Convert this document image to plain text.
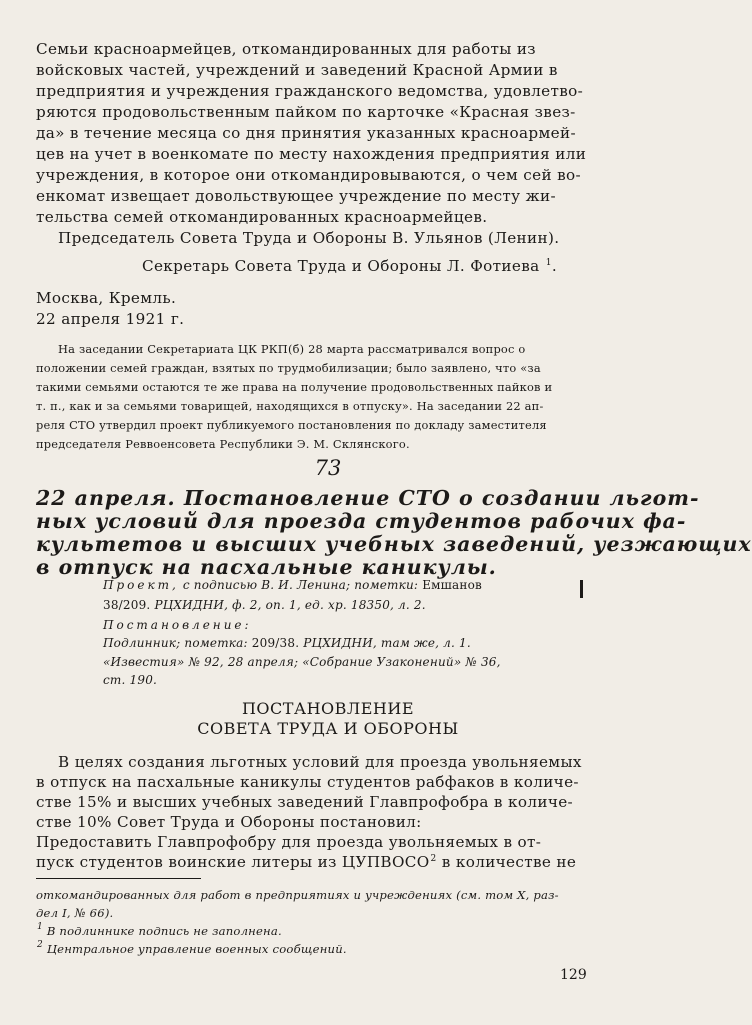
Семьи красноармейцев, откомандированных для работы из

войсковых частей, учреждений и заведений Красной Армии в

предприятия и учреждения гражданского ведомства, удовлетво-

ряются продовольственным пайком по карточке «Красная звез-

да» в течение месяца со дня принятия указанных красноармей-

цев на учет в военкомате по месту нахождения предприятия или

учреждения, в которое они откомандировываются, о чем сей во-

енкомат извещает довольствующее учреждение по месту жи-

тельства семей откомандированных красноармейцев.

Председатель Совета Труда и Обороны В. Ульянов (Ленин).

Секретарь Совета Труда и Обороны Л. Фотиева $^1$.

Москва, Кремль.

22 апреля 1921 г.

На заседании Секретариата ЦК РКП(б) 28 марта рассматривался вопрос о

положении семей граждан, взятых по трудмобилизации; было заявлено, что «за

такими семьями остаются те же права на получение продовольственных пайков и

т. п., как и за семьями товарищей, находящихся в отпуску». На заседании 22 ап-

реля СТО утвердил проект публикуемого постановления по докладу заместителя

председателя Реввоенсовета Республики Э. М. Склянского.

73

22 апреля. Постановление СТО о создании льгот-

ных условий для проезда студентов рабочих фа-

культетов и высших учебных заведений, уезжающих

в отпуск на пасхальные каникулы.

Проект, с подписью В. И. Ленина; пометки: Емшанов

38/209. РЦХИДНИ, ф. 2, оп. 1, ед. хр. 18350, л. 2.

Постановление:

Подлинник; пометка: 209/38. РЦХИДНИ, там же, л. 1.

«Известия» № 92, 28 апреля; «Собрание Узаконений» № 36,

ст. 190.

ПОСТАНОВЛЕНИЕ

СОВЕТА ТРУДА И ОБОРОНЫ

В целях создания льготных условий для проезда увольняемых

в отпуск на пасхальные каникулы студентов рабфаков в количе-

стве 15% и высших учебных заведений Главпрофобра в количе-

стве 10% Совет Труда и Обороны постановил:

Предоставить Главпрофобру для проезда увольняемых в от-

пуск студентов воинские литеры из ЦУПВОСО$^2$ в количестве не

откомандированных для работ в предприятиях и учреждениях (см. том X, раз-

дел I, № 66).

$^1$ В подлиннике подпись не заполнена.

$^2$ Центральное управление военных сообщений.

129
